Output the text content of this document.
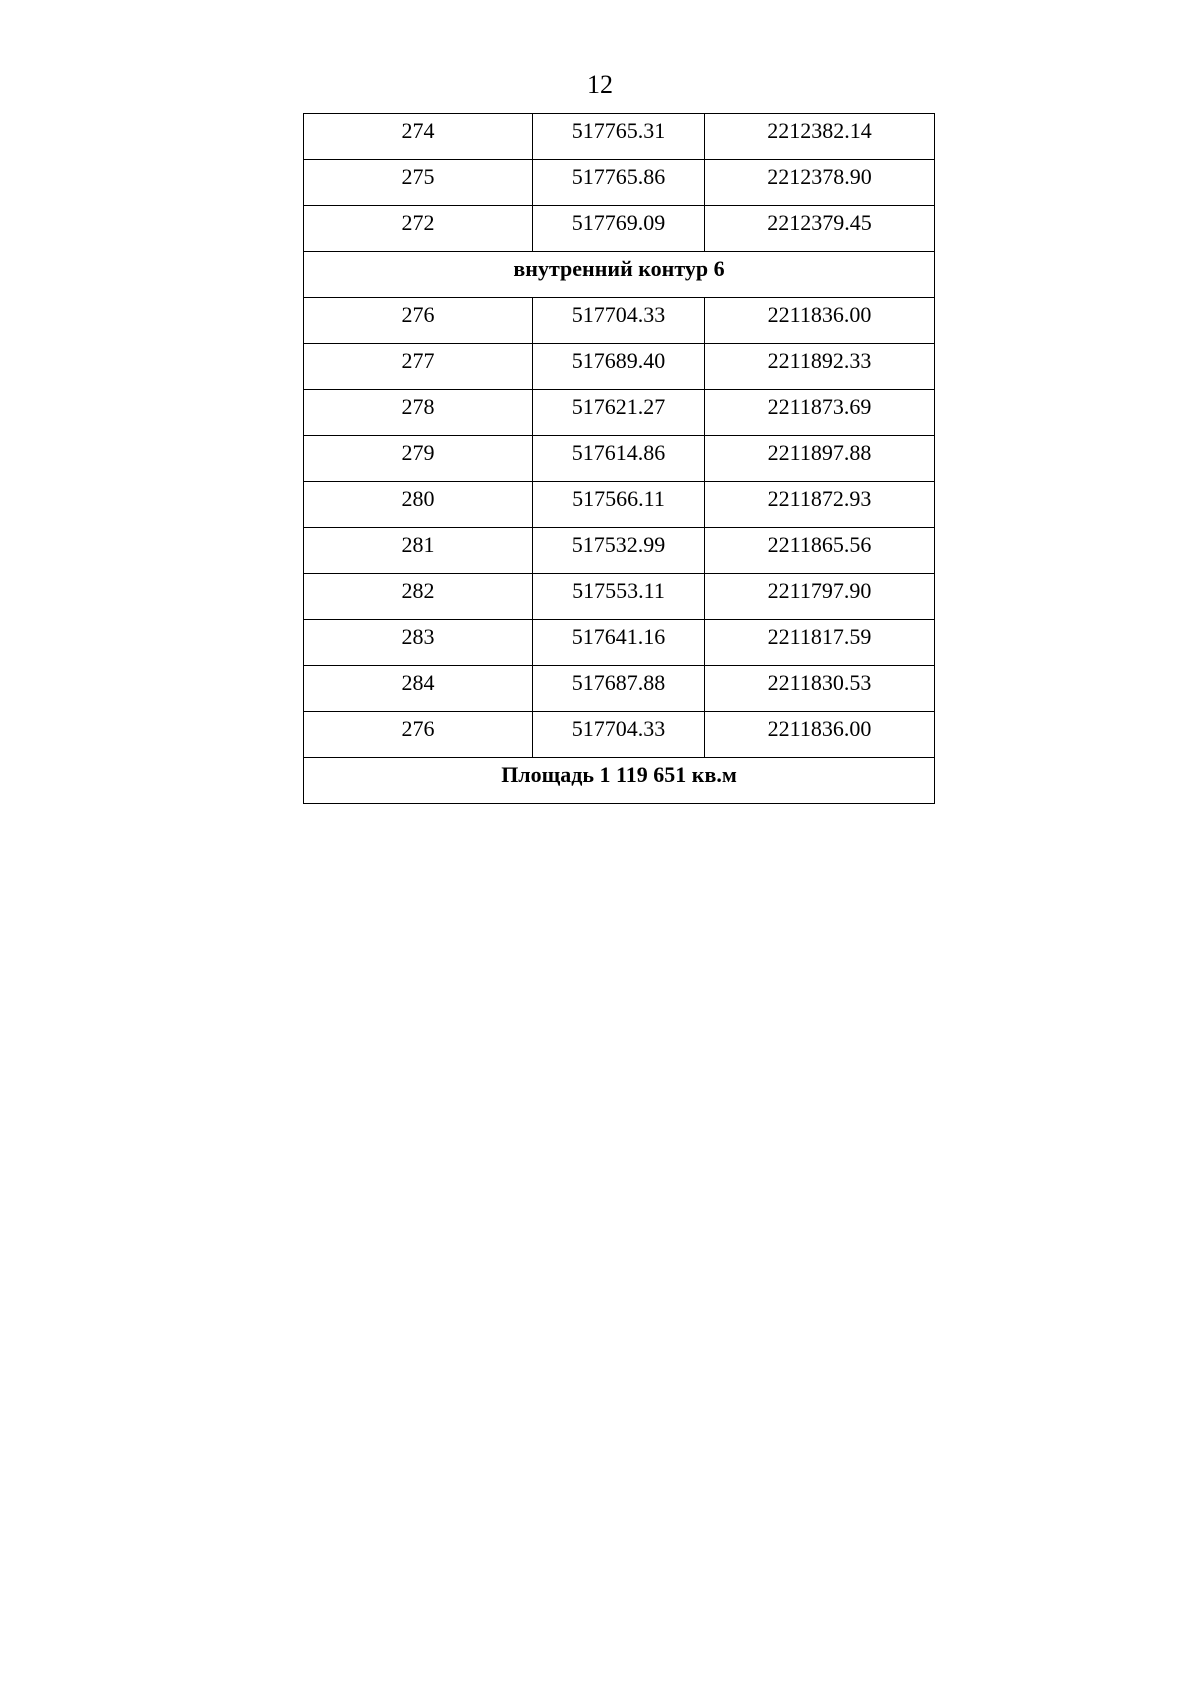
12
274	517765.31	2212382.14
275	517765.86	2212378.90
272	517769.09	2212379.45
внутренний контур 6		
276	517704.33	2211836.00
277	517689.40	2211892.33
278	517621.27	2211873.69
279	517614.86	2211897.88
280	517566.11	2211872.93
281	517532.99	2211865.56
282	517553.11	2211797.90
283	517641.16	2211817.59
284	517687.88	2211830.53
276	517704.33	2211836.00
Площадь 1 119 651 кв.м		
